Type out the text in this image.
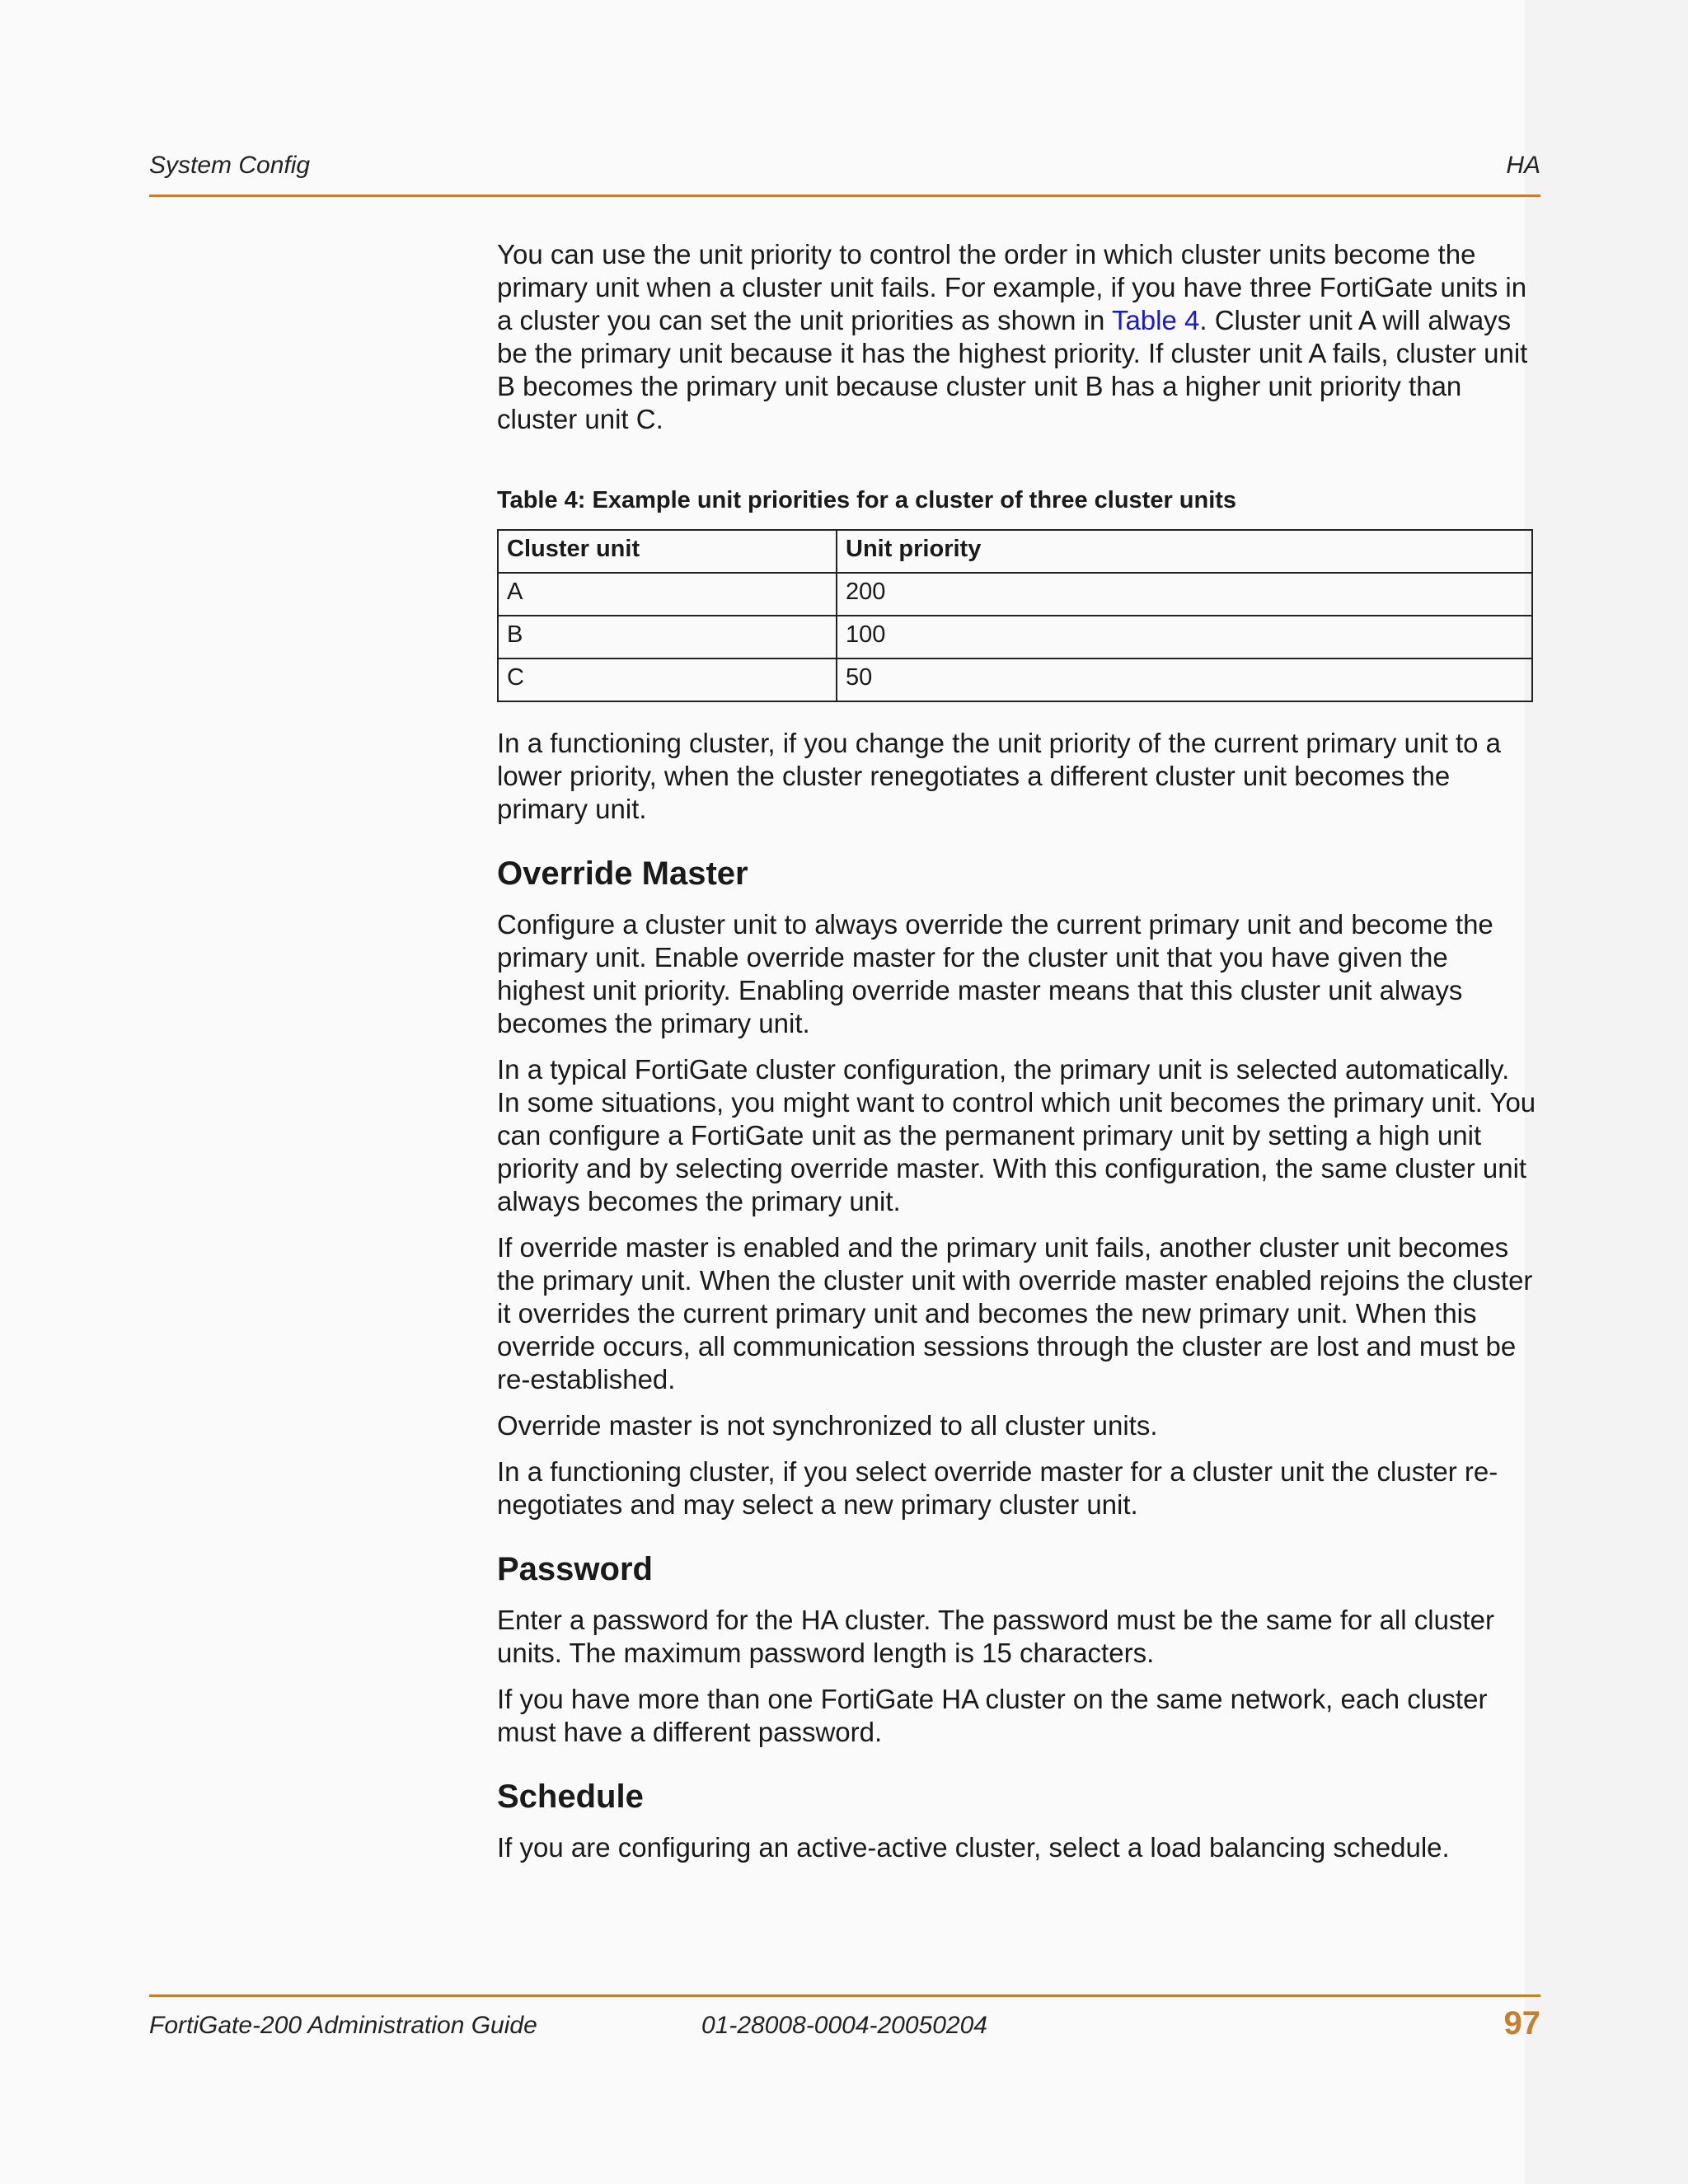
System Config	HA

You can use the unit priority to control the order in which cluster units become the primary unit when a cluster unit fails. For example, if you have three FortiGate units in a cluster you can set the unit priorities as shown in Table 4. Cluster unit A will always be the primary unit because it has the highest priority. If cluster unit A fails, cluster unit B becomes the primary unit because cluster unit B has a higher unit priority than cluster unit C.

Table 4: Example unit priorities for a cluster of three cluster units
Cluster unit	Unit priority
A	200
B	100
C	50

In a functioning cluster, if you change the unit priority of the current primary unit to a lower priority, when the cluster renegotiates a different cluster unit becomes the primary unit.

Override Master

Configure a cluster unit to always override the current primary unit and become the primary unit. Enable override master for the cluster unit that you have given the highest unit priority. Enabling override master means that this cluster unit always becomes the primary unit.

In a typical FortiGate cluster configuration, the primary unit is selected automatically. In some situations, you might want to control which unit becomes the primary unit. You can configure a FortiGate unit as the permanent primary unit by setting a high unit priority and by selecting override master. With this configuration, the same cluster unit always becomes the primary unit.

If override master is enabled and the primary unit fails, another cluster unit becomes the primary unit. When the cluster unit with override master enabled rejoins the cluster it overrides the current primary unit and becomes the new primary unit. When this override occurs, all communication sessions through the cluster are lost and must be re-established.

Override master is not synchronized to all cluster units.

In a functioning cluster, if you select override master for a cluster unit the cluster re-negotiates and may select a new primary cluster unit.

Password

Enter a password for the HA cluster. The password must be the same for all cluster units. The maximum password length is 15 characters.

If you have more than one FortiGate HA cluster on the same network, each cluster must have a different password.

Schedule

If you are configuring an active-active cluster, select a load balancing schedule.

FortiGate-200 Administration Guide	01-28008-0004-20050204	97
